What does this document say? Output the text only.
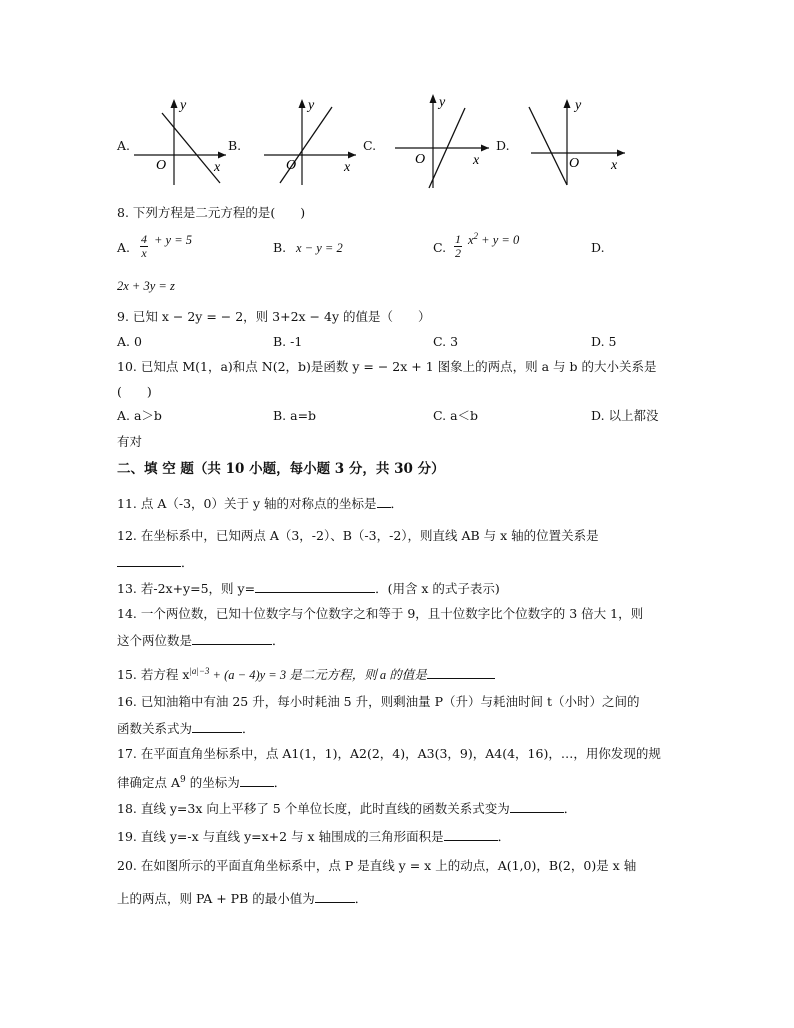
A.
y
x
O
B.
y
x
O
C.
y
x
O
D.
y
x
O
8. 下列方程是二元方程的是(　　)
A. $\frac{4}{x} + y = 5$	B. x − y = 2	C. $\frac{1}{2} x^2 + y = 0$	D.
2x + 3y = z
9. 已知 x − 2y = − 2，则 3+2x − 4y 的值是（　　）
A. 0	B. -1	C. 3	D. 5
10. 已知点 M(1，a)和点 N(2，b)是函数 y = − 2x + 1 图象上的两点，则 a 与 b 的大小关系是
(　　)
A. a＞b	B. a=b	C. a＜b	D. 以上都没
有对
二、填 空 题（共 10 小题，每小题 3 分，共 30 分）
11. 点 A（-3，0）关于 y 轴的对称点的坐标是 ．
12. 在坐标系中，已知两点 A（3，-2）、B（-3，-2），则直线 AB 与 x 轴的位置关系是
．
13. 若-2x+y=5，则 y=	．(用含 x 的式子表示)
14. 一个两位数，已知十位数字与个位数字之和等于 9，且十位数字比个位数字的 3 倍大 1，则
这个两位数是	．
15. 若方程 $x^{|a|-3} + (a - 4)y = 3$ 是二元方程，则 a 的值是
16. 已知油箱中有油 25 升，每小时耗油 5 升，则剩油量 P（升）与耗油时间 t（小时）之间的
函数关系式为	．
17. 在平面直角坐标系中，点 A1(1，1)，A2(2，4)，A3(3，9)，A4(4，16)，…，用你发现的规
律确定点 $A^9$ 的坐标为	．
18. 直线 y=3x 向上平移了 5 个单位长度，此时直线的函数关系式变为	．
19. 直线 y=-x 与直线 y=x+2 与 x 轴围成的三角形面积是	．
20. 在如图所示的平面直角坐标系中，点 P 是直线 y = x 上的动点，A(1,0)，B(2，0)是 x 轴
上的两点，则 PA + PB 的最小值为	．
